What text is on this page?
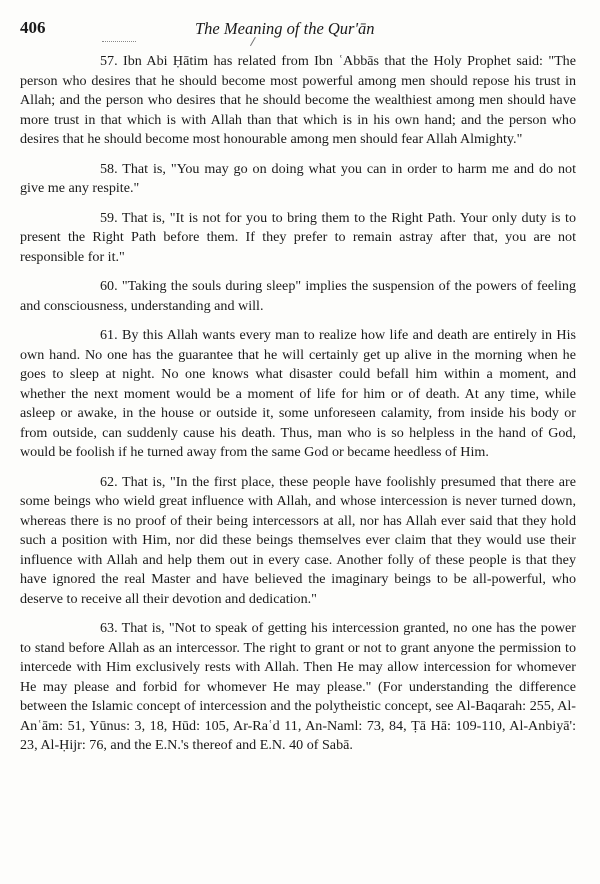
406	The Meaning of the Qur'ān

57. Ibn Abi Ḥātim has related from Ibn ʿAbbās that the Holy Prophet said: "The person who desires that he should become most powerful among men should repose his trust in Allah; and the person who desires that he should become the wealthiest among men should have more trust in that which is with Allah than that which is in his own hand; and the person who desires that he should become most honourable among men should fear Allah Almighty."

58. That is, "You may go on doing what you can in order to harm me and do not give me any respite."

59. That is, "It is not for you to bring them to the Right Path. Your only duty is to present the Right Path before them. If they prefer to remain astray after that, you are not responsible for it."

60. "Taking the souls during sleep" implies the suspension of the powers of feeling and consciousness, understanding and will.

61. By this Allah wants every man to realize how life and death are entirely in His own hand. No one has the guarantee that he will certainly get up alive in the morning when he goes to sleep at night. No one knows what disaster could befall him within a moment, and whether the next moment would be a moment of life for him or of death. At any time, while asleep or awake, in the house or outside it, some unforeseen calamity, from inside his body or from outside, can suddenly cause his death. Thus, man who is so helpless in the hand of God, would be foolish if he turned away from the same God or became heedless of Him.

62. That is, "In the first place, these people have foolishly presumed that there are some beings who wield great influence with Allah, and whose intercession is never turned down, whereas there is no proof of their being intercessors at all, nor has Allah ever said that they hold such a position with Him, nor did these beings themselves ever claim that they would use their influence with Allah and help them out in every case. Another folly of these people is that they have ignored the real Master and have believed the imaginary beings to be all-powerful, who deserve to receive all their devotion and dedication."

63. That is, "Not to speak of getting his intercession granted, no one has the power to stand before Allah as an intercessor. The right to grant or not to grant anyone the permission to intercede with Him exclusively rests with Allah. Then He may allow intercession for whomever He may please and forbid for whomever He may please." (For understanding the difference between the Islamic concept of intercession and the polytheistic concept, see Al-Baqarah: 255, Al-Anʿām: 51, Yūnus: 3, 18, Hūd: 105, Ar-Raʿd 11, An-Naml: 73, 84, Ṭā Hā: 109-110, Al-Anbiyā': 23, Al-Ḥijr: 76, and the E.N.'s thereof and E.N. 40 of Sabā.
